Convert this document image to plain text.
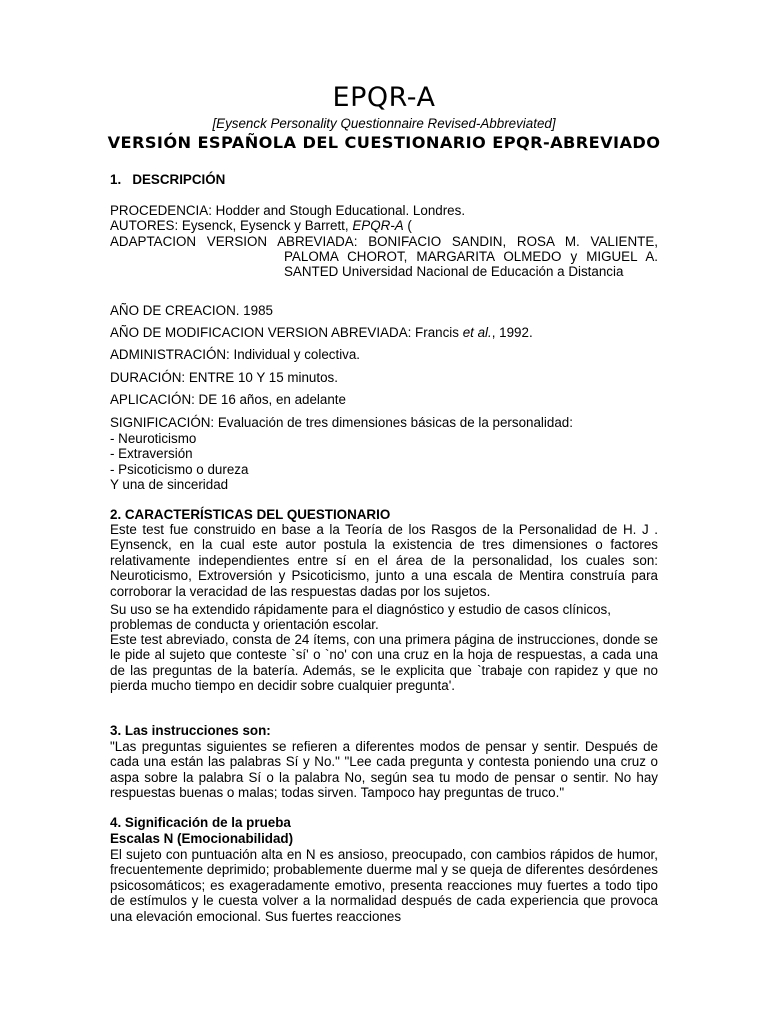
EPQR-A
[Eysenck Personality Questionnaire Revised-Abbreviated]
VERSIÓN ESPAÑOLA DEL CUESTIONARIO EPQR-ABREVIADO
1.   DESCRIPCIÓN
PROCEDENCIA: Hodder and Stough Educational. Londres.
AUTORES: Eysenck, Eysenck y Barrett, EPQR-A (
ADAPTACION VERSION ABREVIADA: BONIFACIO SANDIN, ROSA M. VALIENTE,
PALOMA CHOROT, MARGARITA OLMEDO y MIGUEL A.
SANTED Universidad Nacional de Educación a Distancia
AÑO DE CREACION. 1985
AÑO DE MODIFICACION VERSION ABREVIADA: Francis et al., 1992.
ADMINISTRACIÓN: Individual y colectiva.
DURACIÓN: ENTRE 10 Y 15 minutos.
APLICACIÓN: DE 16 años, en adelante
SIGNIFICACIÓN: Evaluación de tres dimensiones básicas de la personalidad:
- Neuroticismo
- Extraversión
- Psicoticismo o dureza
Y una de sinceridad
2. CARACTERÍSTICAS DEL QUESTIONARIO
Este test fue construido en base a la Teoría de los Rasgos de la Personalidad de H. J . Eynsenck, en la cual este autor postula la existencia de tres dimensiones o factores relativamente independientes entre sí en el área de la personalidad, los cuales son: Neuroticismo, Extroversión y Psicoticismo, junto a una escala de Mentira construía para corroborar la veracidad de las respuestas dadas por los sujetos.
Su uso se ha extendido rápidamente para el diagnóstico y estudio de casos clínicos, problemas de conducta y orientación escolar.
Este test abreviado, consta de 24 ítems, con una primera página de instrucciones, donde se le pide al sujeto que conteste `sí' o `no' con una cruz en la hoja de respuestas, a cada una de las preguntas de la batería. Además, se le explicita que `trabaje con rapidez y que no pierda mucho tiempo en decidir sobre cualquier pregunta'.
3. Las instrucciones son:
"Las preguntas siguientes se refieren a diferentes modos de pensar y sentir. Después de cada una están las palabras Sí y No." "Lee cada pregunta y contesta poniendo una cruz o aspa sobre la palabra Sí o la palabra No, según sea tu modo de pensar o sentir. No hay respuestas buenas o malas; todas sirven. Tampoco hay preguntas de truco."
4. Significación de la prueba
Escalas N (Emocionabilidad)
El sujeto con puntuación alta en N es ansioso, preocupado, con cambios rápidos de humor, frecuentemente deprimido; probablemente duerme mal y se queja de diferentes desórdenes psicosomáticos; es exageradamente emotivo, presenta reacciones muy fuertes a todo tipo de estímulos y le cuesta volver a la normalidad después de cada experiencia que provoca una elevación emocional. Sus fuertes reacciones
